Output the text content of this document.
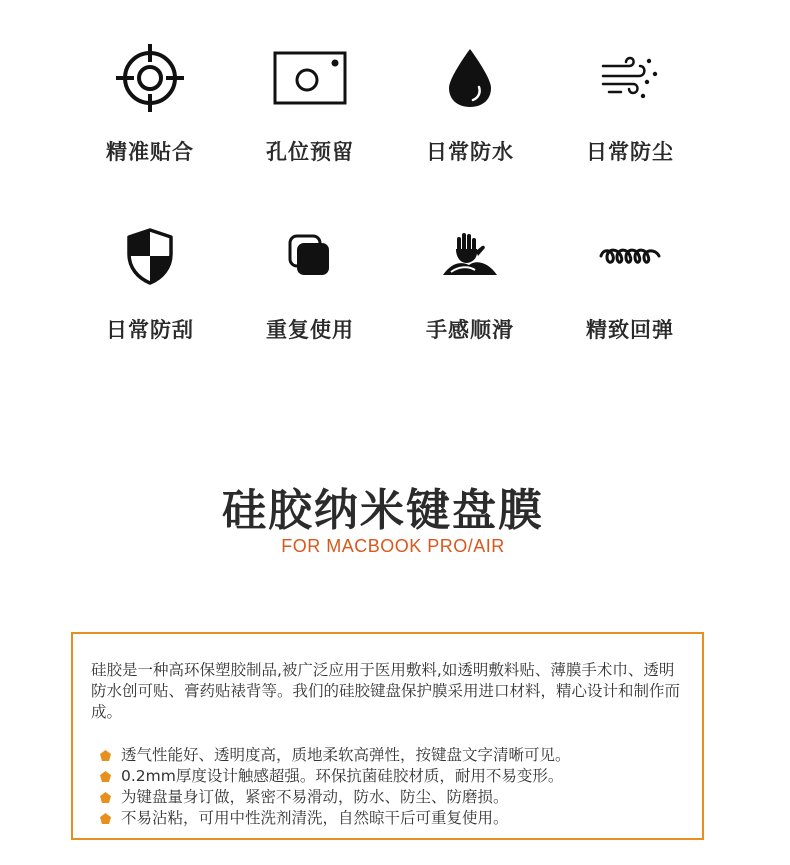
精准贴合	孔位预留	日常防水	日常防尘
日常防刮	重复使用	手感顺滑	精致回弹
硅胶纳米键盘膜
FOR MACBOOK PRO/AIR

硅胶是一种高环保塑胶制品,被广泛应用于医用敷料,如透明敷料贴、薄膜手术巾、透明防水创可贴、膏药贴裱背等。我们的硅胶键盘保护膜采用进口材料，精心设计和制作而成。

透气性能好、透明度高，质地柔软高弹性，按键盘文字清晰可见。
0.2mm厚度设计触感超强。环保抗菌硅胶材质，耐用不易变形。
为键盘量身订做，紧密不易滑动，防水、防尘、防磨损。
不易沾粘，可用中性洗剂清洗，自然晾干后可重复使用。
